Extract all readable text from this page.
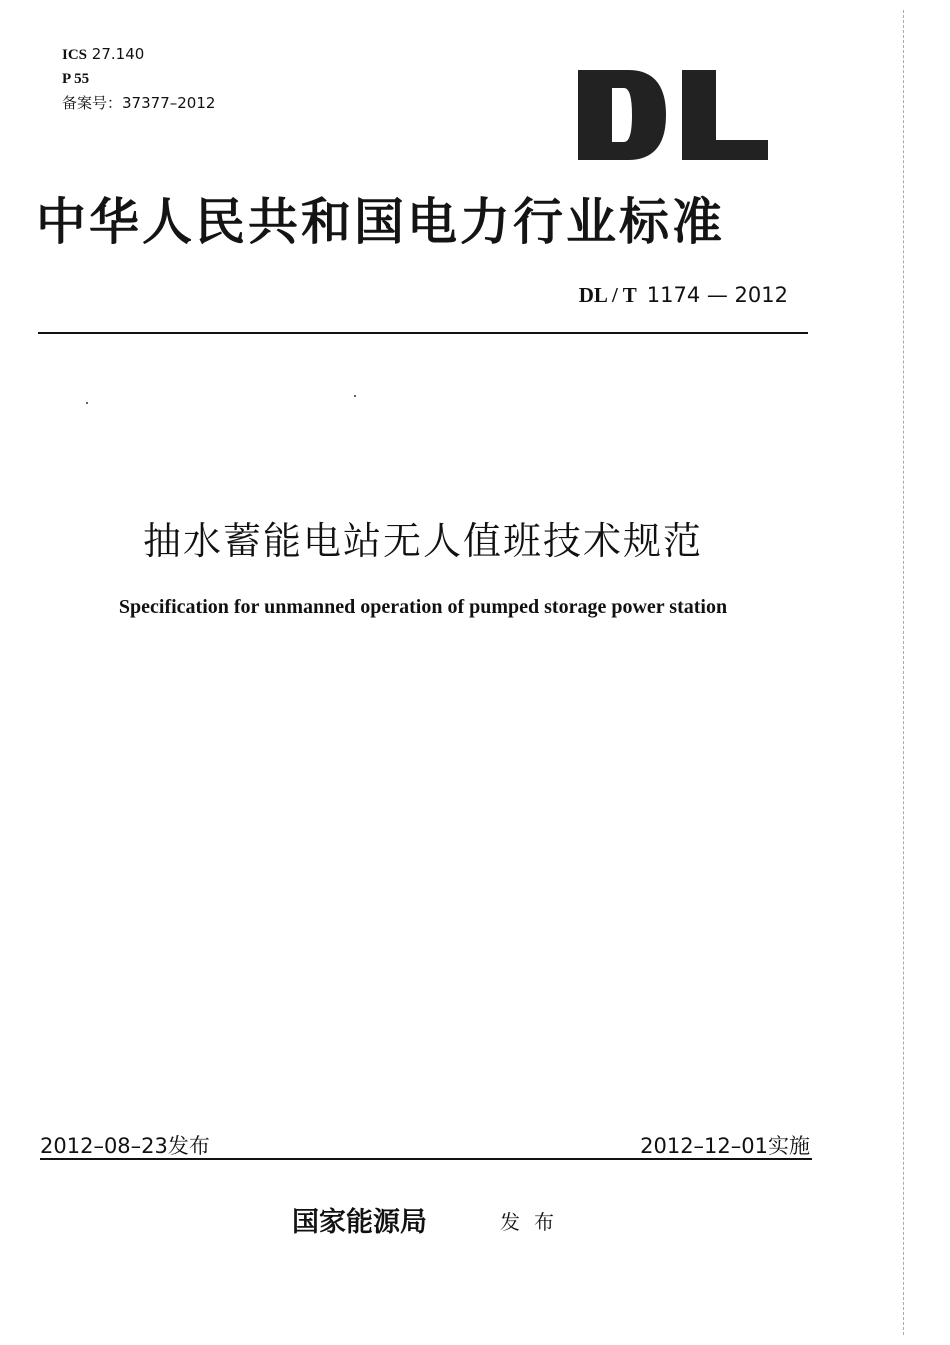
ICS 27.140
P 55
备案号：37377–2012
中华人民共和国电力行业标准
DL / T 1174 — 2012
抽水蓄能电站无人值班技术规范
Specification for unmanned operation of pumped storage power station
2012–08–23发布	2012–12–01实施
国家能源局	发布
